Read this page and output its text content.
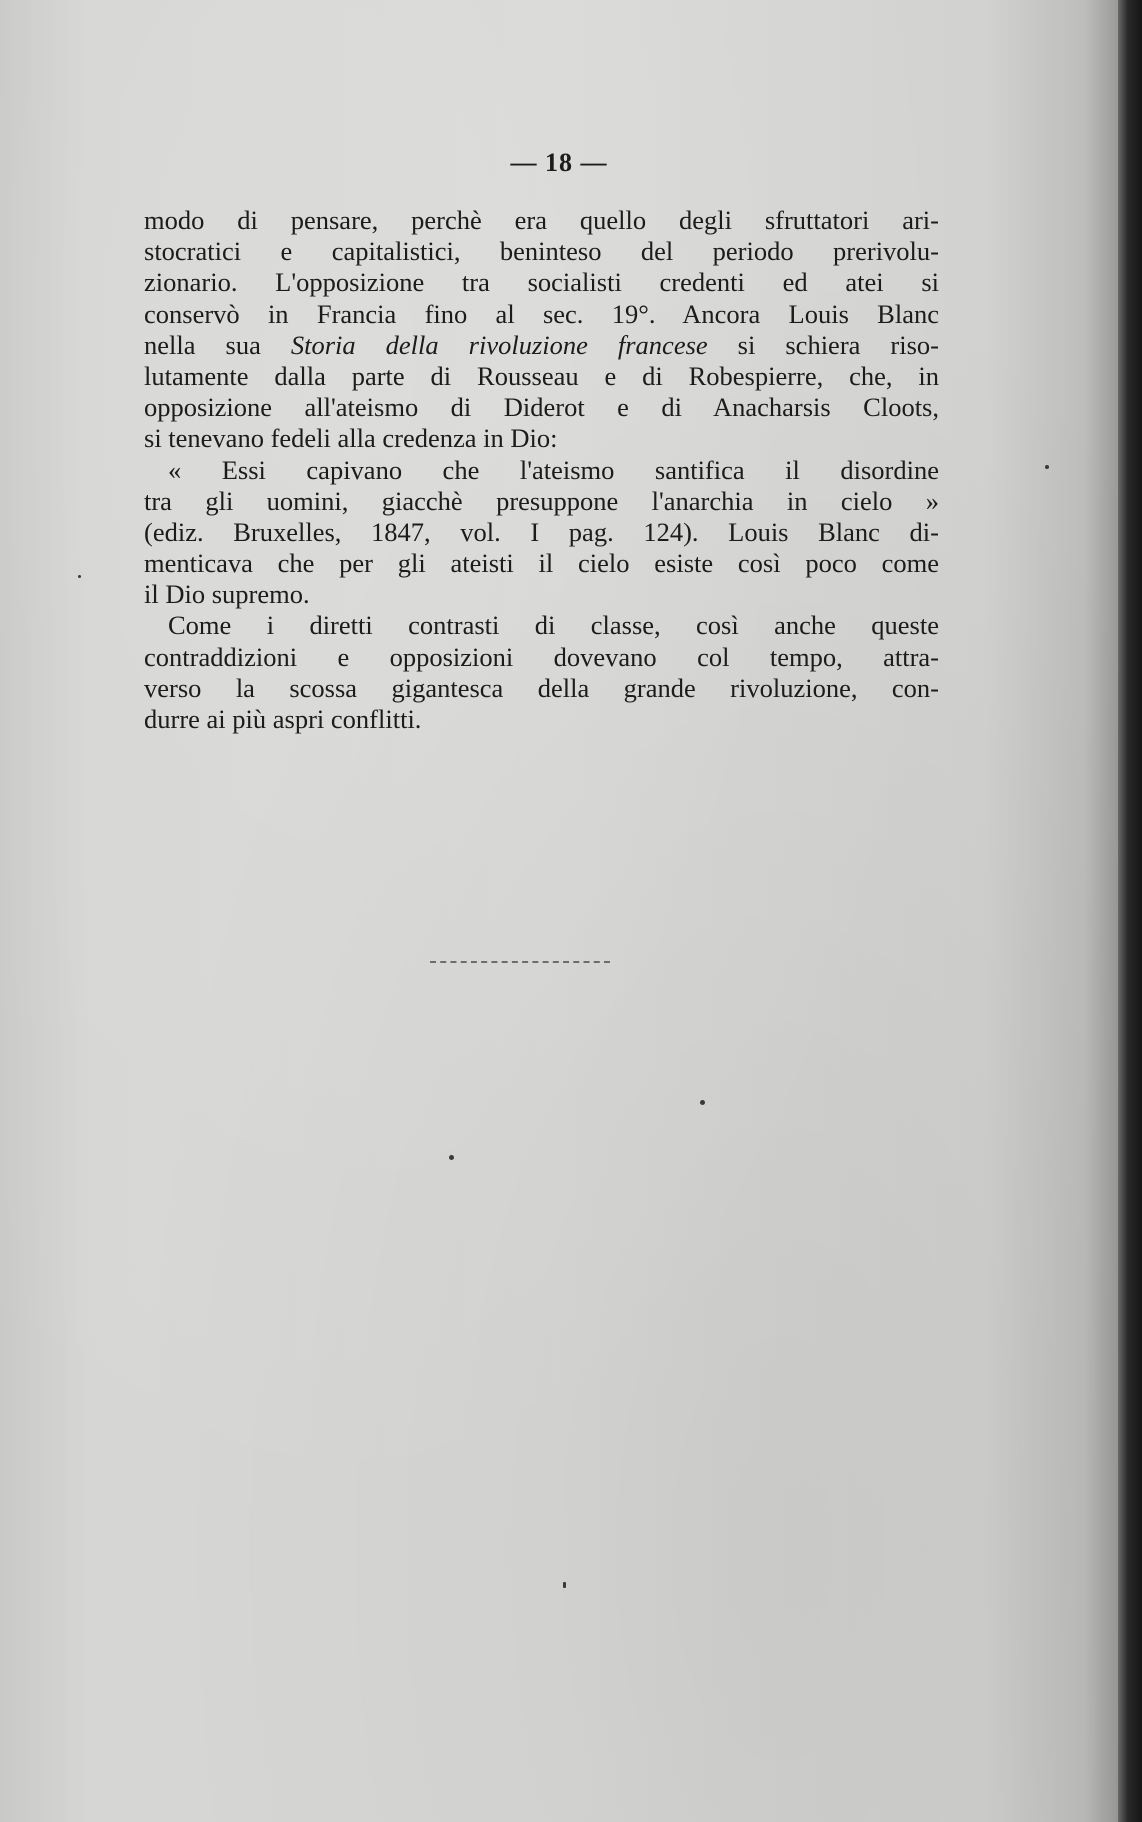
— 18 —
modo di pensare, perchè era quello degli sfruttatori ari-
stocratici e capitalistici, beninteso del periodo prerivolu-
zionario. L'opposizione tra socialisti credenti ed atei si
conservò in Francia fino al sec. 19°. Ancora Louis Blanc
nella sua Storia della rivoluzione francese si schiera riso-
lutamente dalla parte di Rousseau e di Robespierre, che, in
opposizione all'ateismo di Diderot e di Anacharsis Cloots,
si tenevano fedeli alla credenza in Dio:
« Essi capivano che l'ateismo santifica il disordine
tra gli uomini, giacchè presuppone l'anarchia in cielo »
(ediz. Bruxelles, 1847, vol. I pag. 124). Louis Blanc di-
menticava che per gli ateisti il cielo esiste così poco come
il Dio supremo.
Come i diretti contrasti di classe, così anche queste
contraddizioni e opposizioni dovevano col tempo, attra-
verso la scossa gigantesca della grande rivoluzione, con-
durre ai più aspri conflitti.
